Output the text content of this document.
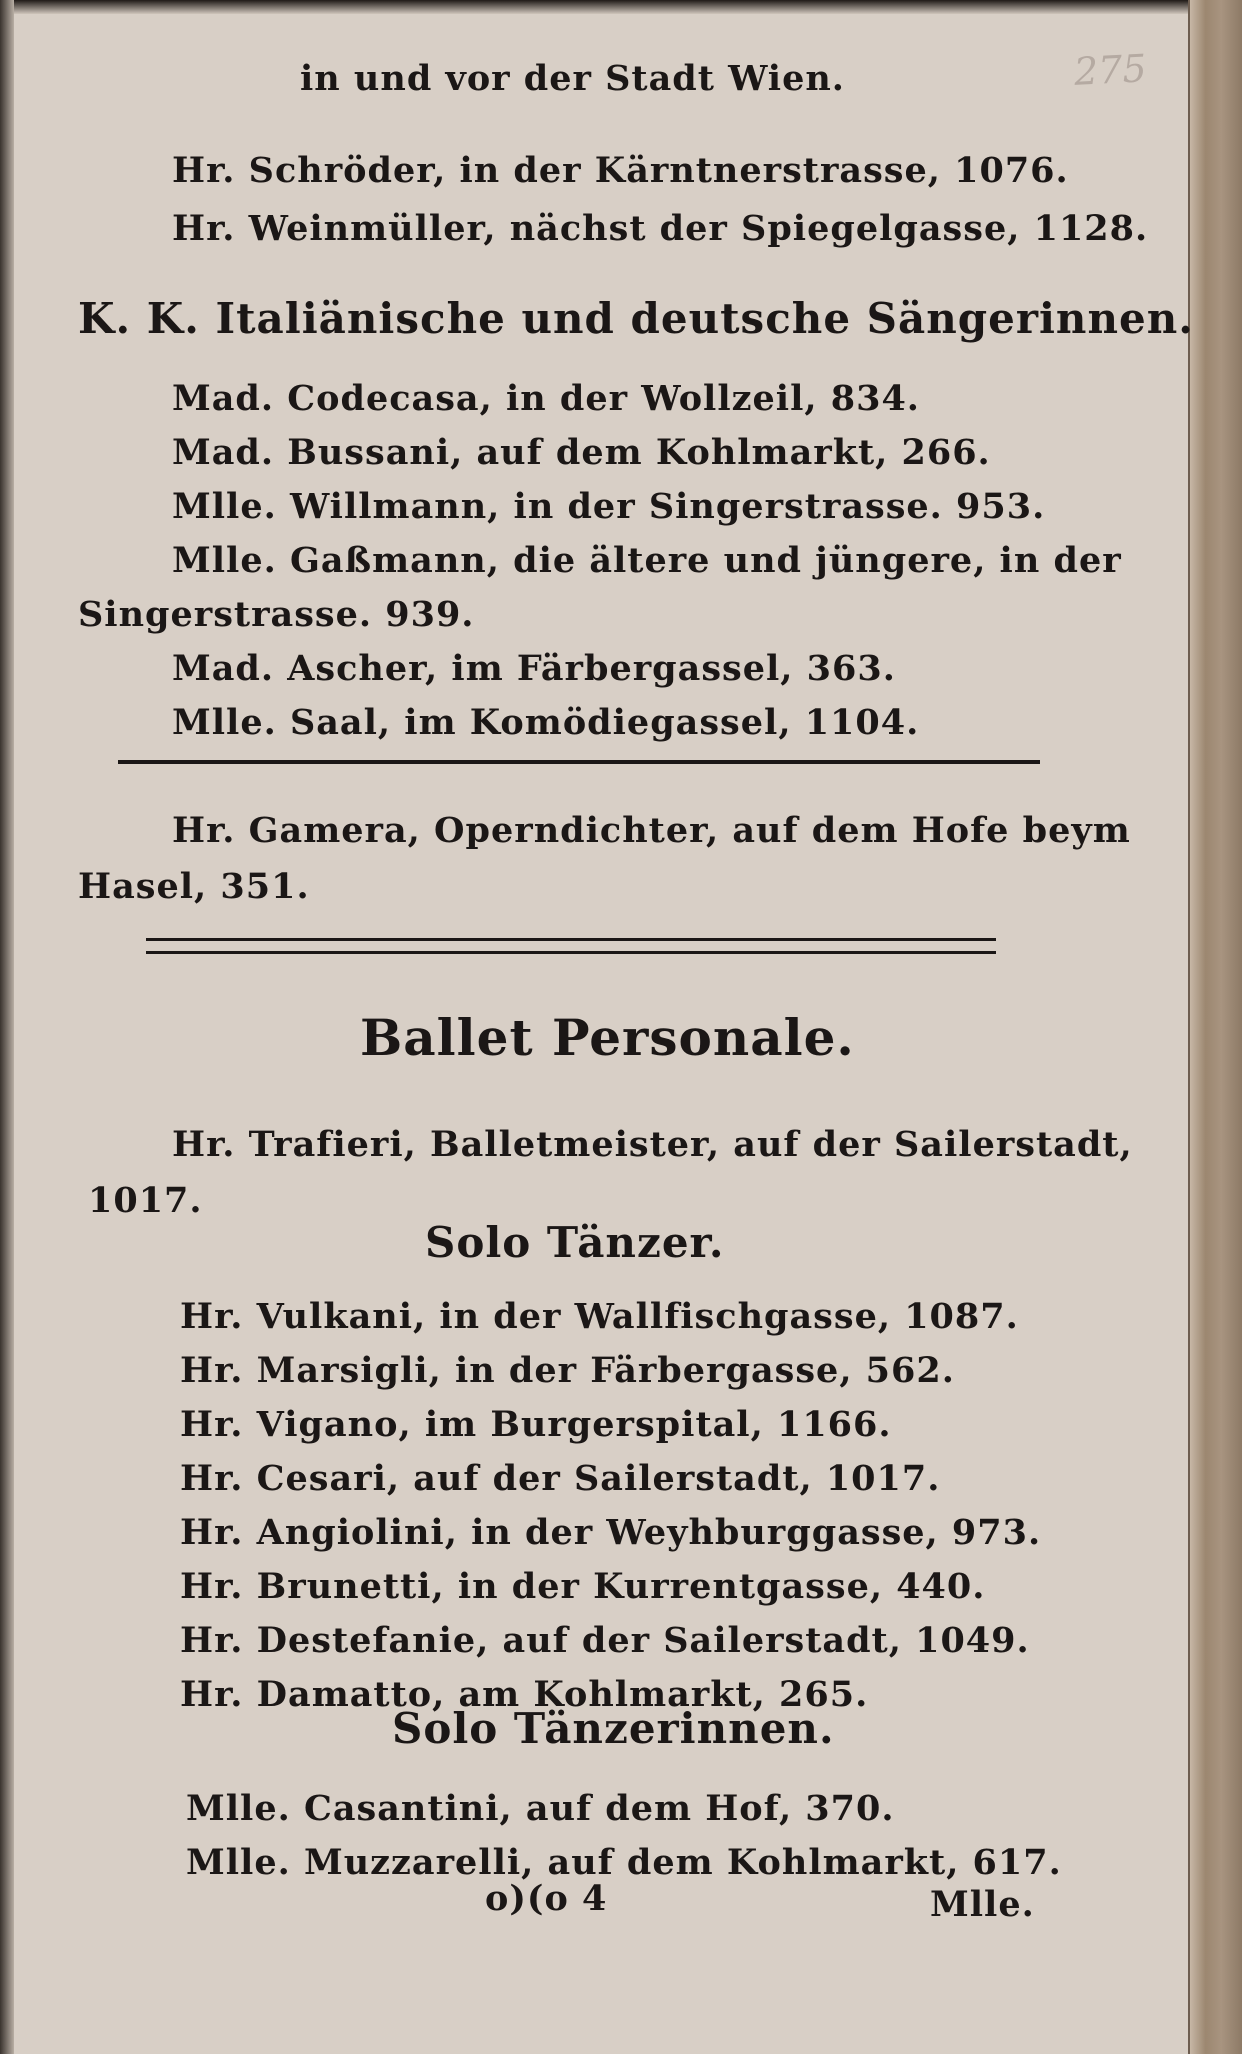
275
in und vor der Stadt Wien.
Hr. Schröder, in der Kärntnerstrasse, 1076.
Hr. Weinmüller, nächst der Spiegelgasse, 1128.
K. K. Italiänische und deutsche Sängerinnen.
Mad. Codecasa, in der Wollzeil, 834.
Mad. Bussani, auf dem Kohlmarkt, 266.
Mlle. Willmann, in der Singerstrasse. 953.
Mlle. Gaßmann, die ältere und jüngere, in der
Singerstrasse. 939.
Mad. Ascher, im Färbergassel, 363.
Mlle. Saal, im Komödiegassel, 1104.
Hr. Gamera, Operndichter, auf dem Hofe beym
Hasel, 351.
Ballet Personale.
Hr. Trafieri, Balletmeister, auf der Sailerstadt,
1017.
Solo Tänzer.
Hr. Vulkani, in der Wallfischgasse, 1087.
Hr. Marsigli, in der Färbergasse, 562.
Hr. Vigano, im Burgerspital, 1166.
Hr. Cesari, auf der Sailerstadt, 1017.
Hr. Angiolini, in der Weyhburggasse, 973.
Hr. Brunetti, in der Kurrentgasse, 440.
Hr. Destefanie, auf der Sailerstadt, 1049.
Hr. Damatto, am Kohlmarkt, 265.
Solo Tänzerinnen.
Mlle. Casantini, auf dem Hof, 370.
Mlle. Muzzarelli, auf dem Kohlmarkt, 617.
o)(o 4	Mlle.
